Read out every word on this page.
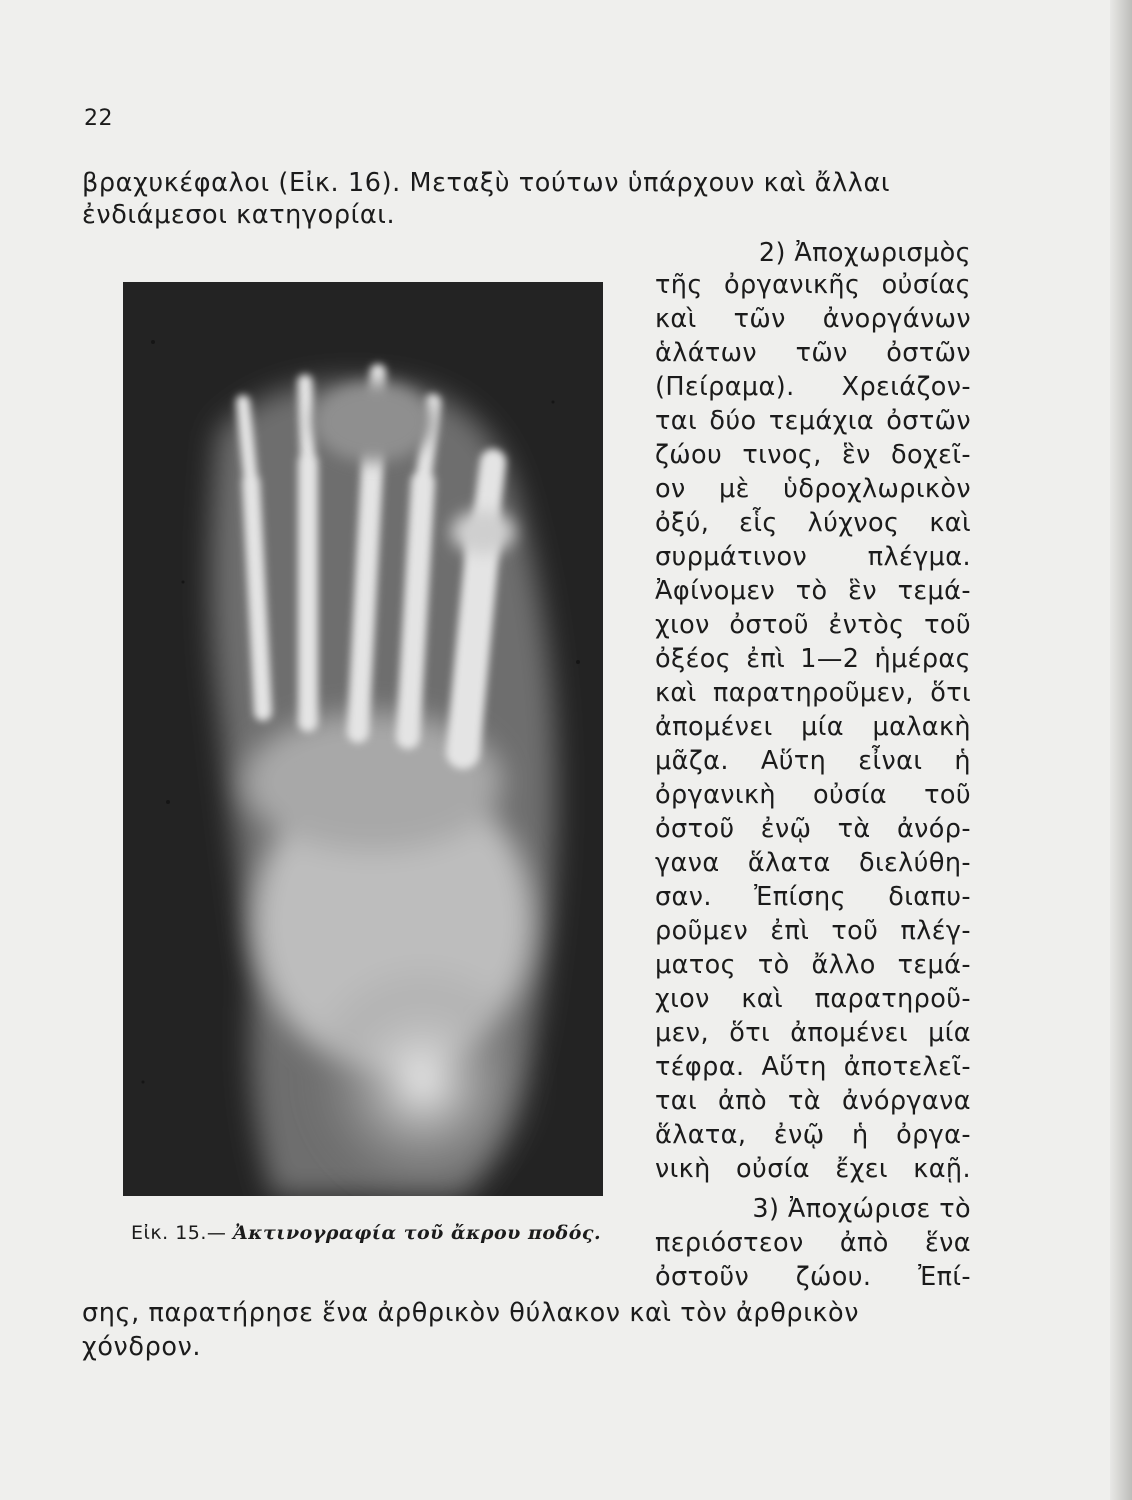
22
βραχυκέφαλοι (Εἰκ. 16). Μεταξὺ τούτων ὑπάρχουν καὶ ἄλλαι
ἐνδιάμεσοι κατηγορίαι.
Εἰκ. 15.— Ἀκτινογραφία τοῦ ἄκρου ποδός.
2) Ἀποχωρισμὸς
τῆς ὀργανικῆς οὐσίας
καὶ τῶν ἀνοργάνων
ἁλάτων τῶν ὀστῶν
(Πείραμα). Χρειάζον-
ται δύο τεμάχια ὀστῶν
ζώου τινος, ἓν δοχεῖ-
ον μὲ ὑδροχλωρικὸν
ὀξύ, εἷς λύχνος καὶ
συρμάτινον πλέγμα.
Ἀφίνομεν τὸ ἓν τεμά-
χιον ὀστοῦ ἐντὸς τοῦ
ὀξέος ἐπὶ 1—2 ἡμέρας
καὶ παρατηροῦμεν, ὅτι
ἀπομένει μία μαλακὴ
μᾶζα. Αὕτη εἶναι ἡ
ὀργανικὴ οὐσία τοῦ
ὀστοῦ ἐνῷ τὰ ἀνόρ-
γανα ἅλατα διελύθη-
σαν. Ἐπίσης διαπυ-
ροῦμεν ἐπὶ τοῦ πλέγ-
ματος τὸ ἄλλο τεμά-
χιον καὶ παρατηροῦ-
μεν, ὅτι ἀπομένει μία
τέφρα. Αὕτη ἀποτελεῖ-
ται ἀπὸ τὰ ἀνόργανα
ἅλατα, ἐνῷ ἡ ὀργα-
νικὴ οὐσία ἔχει καῇ.
3) Ἀποχώρισε τὸ
περιόστεον ἀπὸ ἕνα
ὀστοῦν ζώου. Ἐπί-
σης, παρατήρησε ἕνα ἀρθρικὸν θύλακον καὶ τὸν ἀρθρικὸν
χόνδρον.
